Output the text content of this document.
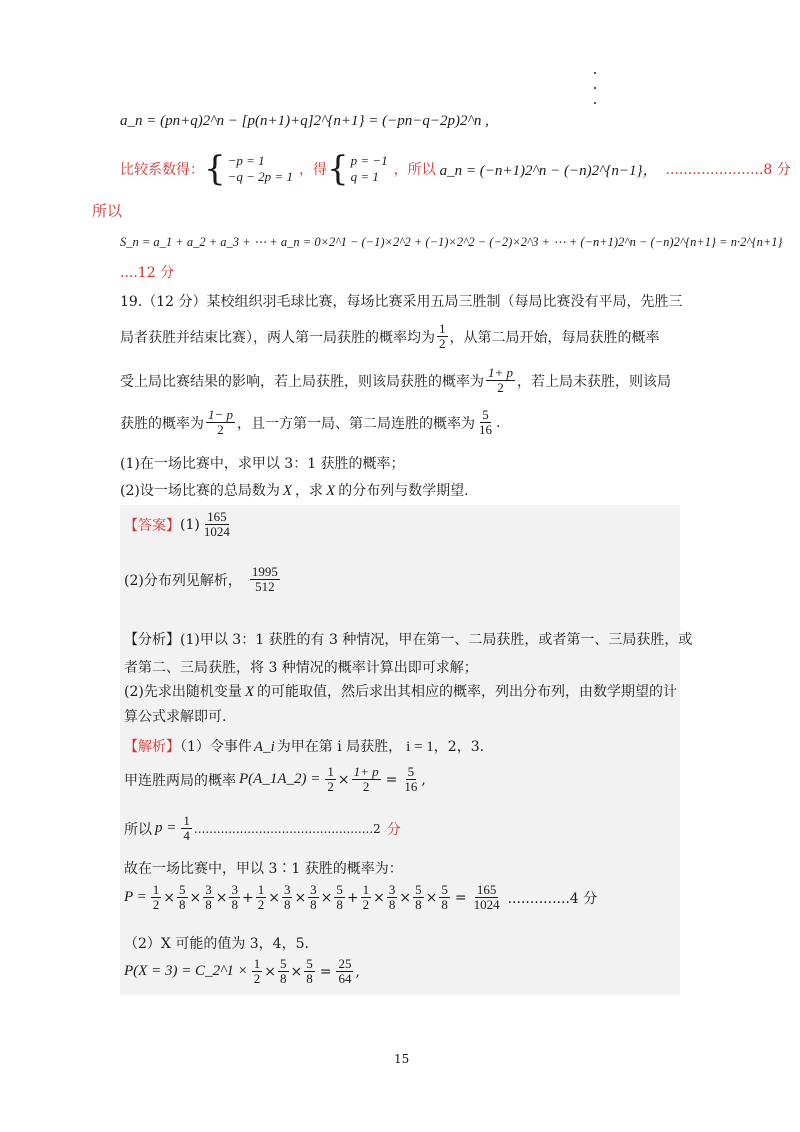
a_n = (pn+q)2^n − [p(n+1)+q]2^{n+1} = (−pn−q−2p)2^n ,
比较系数得： { −p = 1
−q − 2p = 1 ，得 { p = −1
q = 1	，所以 a_n = (−n+1)2^n − (−n)2^{n−1}， ......................8 分
所以
S_n = a_1 + a_2 + a_3 + ⋯ + a_n = 0×2^1 − (−1)×2^2 + (−1)×2^2 − (−2)×2^3 + ⋯ + (−n+1)2^n − (−n)2^{n+1} = n·2^{n+1}
....12 分
19.（12 分）某校组织羽毛球比赛，每场比赛采用五局三胜制（每局比赛没有平局，先胜三
局者获胜并结束比赛），两人第一局获胜的概率均为 $\frac{1}{2}$ ，从第二局开始，每局获胜的概率
受上局比赛结果的影响，若上局获胜，则该局获胜的概率为 $\frac{1+ p}{2}$ ，若上局未获胜，则该局
获胜的概率为 $\frac{1- p}{2}$ ，且一方第一局、第二局连胜的概率为 $\frac{5}{16}$ .
(1)在一场比赛中，求甲以 3：1 获胜的概率；
(2)设一场比赛的总局数为 X ，求 X 的分布列与数学期望.
【答案】 $(1) \frac{165}{1024}$
(2)分布列见解析， $\frac{1995}{512}$
【分析】(1)甲以 3：1 获胜的有 3 种情况，甲在第一、二局获胜，或者第一、三局获胜，或
者第二、三局获胜，将 3 种情况的概率计算出即可求解；
(2)先求出随机变量 X 的可能取值，然后求出其相应的概率，列出分布列，由数学期望的计
算公式求解即可.
【解析】（1）令事件 A_i 为甲在第 i 局获胜， i = 1，2，3.
甲连胜两局的概率 P(A_1A_2) = $\frac{1}{2} \times \frac{1+ p}{2} = \frac{5}{16}$ ,
所以 $p = \frac{1}{4} ...............................................2$ 分
故在一场比赛中，甲以 3∶1 获胜的概率为：
$P = \frac{1}{2} \times \frac{5}{8} \times \frac{3}{8} \times \frac{3}{8} + \frac{1}{2} \times \frac{3}{8} \times \frac{3}{8} \times \frac{5}{8} + \frac{1}{2} \times \frac{3}{8} \times \frac{5}{8} \times \frac{5}{8} = \frac{165}{1024} ..............4$ 分
（2）X 可能的值为 3，4，5.
P(X = 3) = C_2^1 × $\frac{1}{2} \times \frac{5}{8} \times \frac{5}{8} = \frac{25}{64}$ ,
15
